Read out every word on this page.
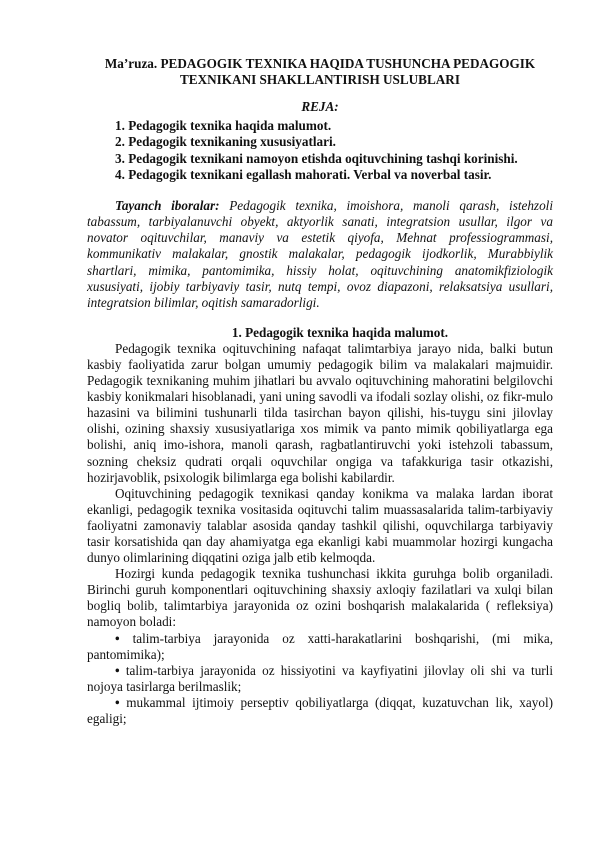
Ma’ruza. PEDAGOGIK TEXNIKA HAQIDA TUSHUNCHA PEDAGOGIK TEXNIKANI SHAKLLANTIRISH USLUBLARI
REJA:
1. Pedagogik texnika haqida malumot.
2. Pedagogik texnikaning xususiyatlari.
3. Pedagogik texnikani namoyon etishda oqituvchining tashqi korinishi.
4. Pedagogik texnikani egallash mahorati. Verbal va noverbal tasir.

Tayanch iboralar: Pedagogik texnika, imoishora, manoli qarash, istehzoli tabassum, tarbiyalanuvchi obyekt, aktyorlik sanati, integratsion usullar, ilgor va novator oqituvchilar, manaviy va estetik qiyofa, Mehnat professiogrammasi, kommunikativ malakalar, gnostik malakalar, pedagogik ijodkorlik, Murabbiylik shartlari, mimika, pantomimika, hissiy holat, oqituvchining anatomikfiziologik xususiyati, ijobiy tarbiyaviy tasir, nutq tempi, ovoz diapazoni, relaksatsiya usullari, integratsion bilimlar, oqitish samaradorligi.

1. Pedagogik texnika haqida malumot.

Pedagogik texnika oqituvchining nafaqat talimtarbiya jarayo nida, balki butun kasbiy faoliyatida zarur bolgan umumiy pedagogik bilim va malakalari majmuidir. Pedagogik texnikaning muhim jihatlari bu avvalo oqituvchining mahoratini belgilovchi kasbiy konikmalari hisoblanadi, yani uning savodli va ifodali sozlay olishi, oz fikr-mulo hazasini va bilimini tushunarli tilda tasirchan bayon qilishi, his-tuygu sini jilovlay olishi, ozining shaxsiy xususiyatlariga xos mimik va panto mimik qobiliyatlarga ega bolishi, aniq imo-ishora, manoli qarash, ragbatlantiruvchi yoki istehzoli tabassum, sozning cheksiz qudrati orqali oquvchilar ongiga va tafakkuriga tasir otkazishi, hozirjavoblik, psixologik bilimlarga ega bolishi kabilardir.

Oqituvchining pedagogik texnikasi qanday konikma va malaka lardan iborat ekanligi, pedagogik texnika vositasida oqituvchi talim muassasalarida talim-tarbiyaviy faoliyatni zamonaviy talablar asosida qanday tashkil qilishi, oquvchilarga tarbiyaviy tasir korsatishida qan day ahamiyatga ega ekanligi kabi muammolar hozirgi kungacha dunyo olimlarining diqqatini oziga jalb etib kelmoqda.

Hozirgi kunda pedagogik texnika tushunchasi ikkita guruhga bolib organiladi. Birinchi guruh komponentlari oqituvchining shaxsiy axloqiy fazilatlari va xulqi bilan bogliq bolib, talimtarbiya jarayonida oz ozini boshqarish malakalarida ( refleksiya) namoyon boladi:

• talim-tarbiya jarayonida oz xatti-harakatlarini boshqarishi, (mi mika, pantomimika);

• talim-tarbiya jarayonida oz hissiyotini va kayfiyatini jilovlay oli shi va turli nojoya tasirlarga berilmaslik;

• mukammal ijtimoiy perseptiv qobiliyatlarga (diqqat, kuzatuvchan lik, xayol) egaligi;
